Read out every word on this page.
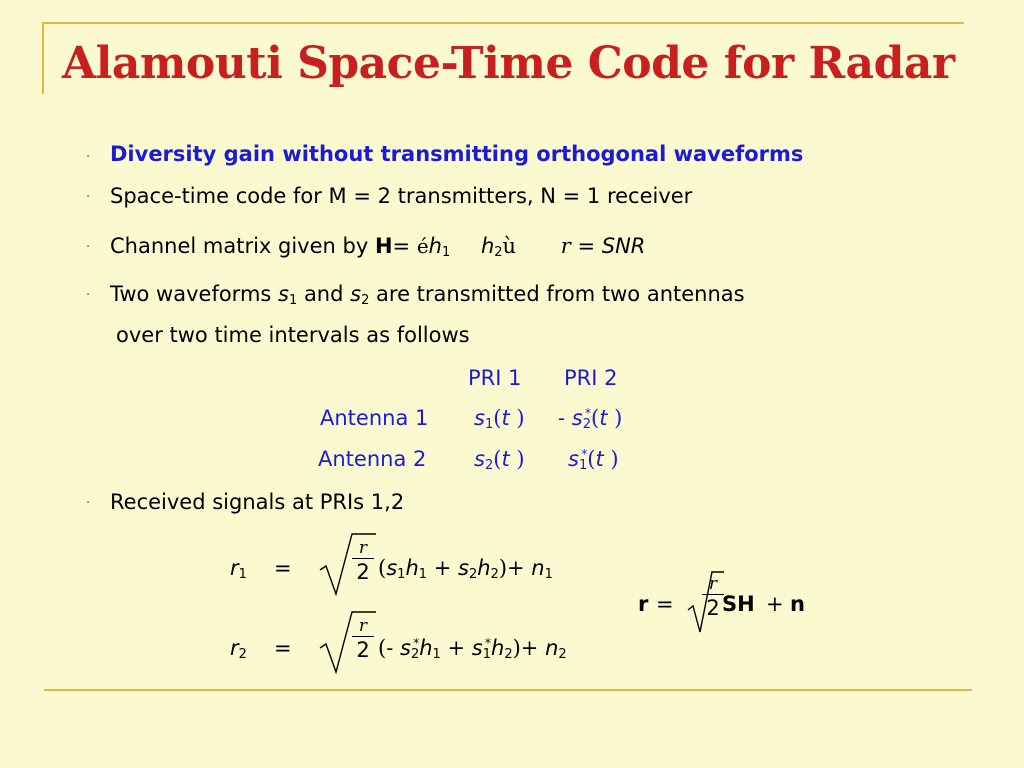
Alamouti Space-Time Code for Radar
· Diversity gain without transmitting orthogonal waveforms
· Space-time code for M = 2 transmitters, N = 1 receiver
· Channel matrix given by $H= éh_1$ $h_2ù$ r = SNR
· Two waveforms $s_1$ and $s_2$ are transmitted from two antennas
over two time intervals as follows
PRI 1 PRI 2
Antenna 1 $s_1(t$ ) - $s_2^*(t$ )
Antenna 2 $s_2(t$ ) $s_1^*(t$ )
· Received signals at PRIs 1,2
$r_1$ =
r
2 $(s_1h_1 + s_2h_2)+ n_1$
$r_2$ =
r
2 (- $s_2^*h_1 + s_1^*h_2)+ n_2$
r =
r
2 SH + n
